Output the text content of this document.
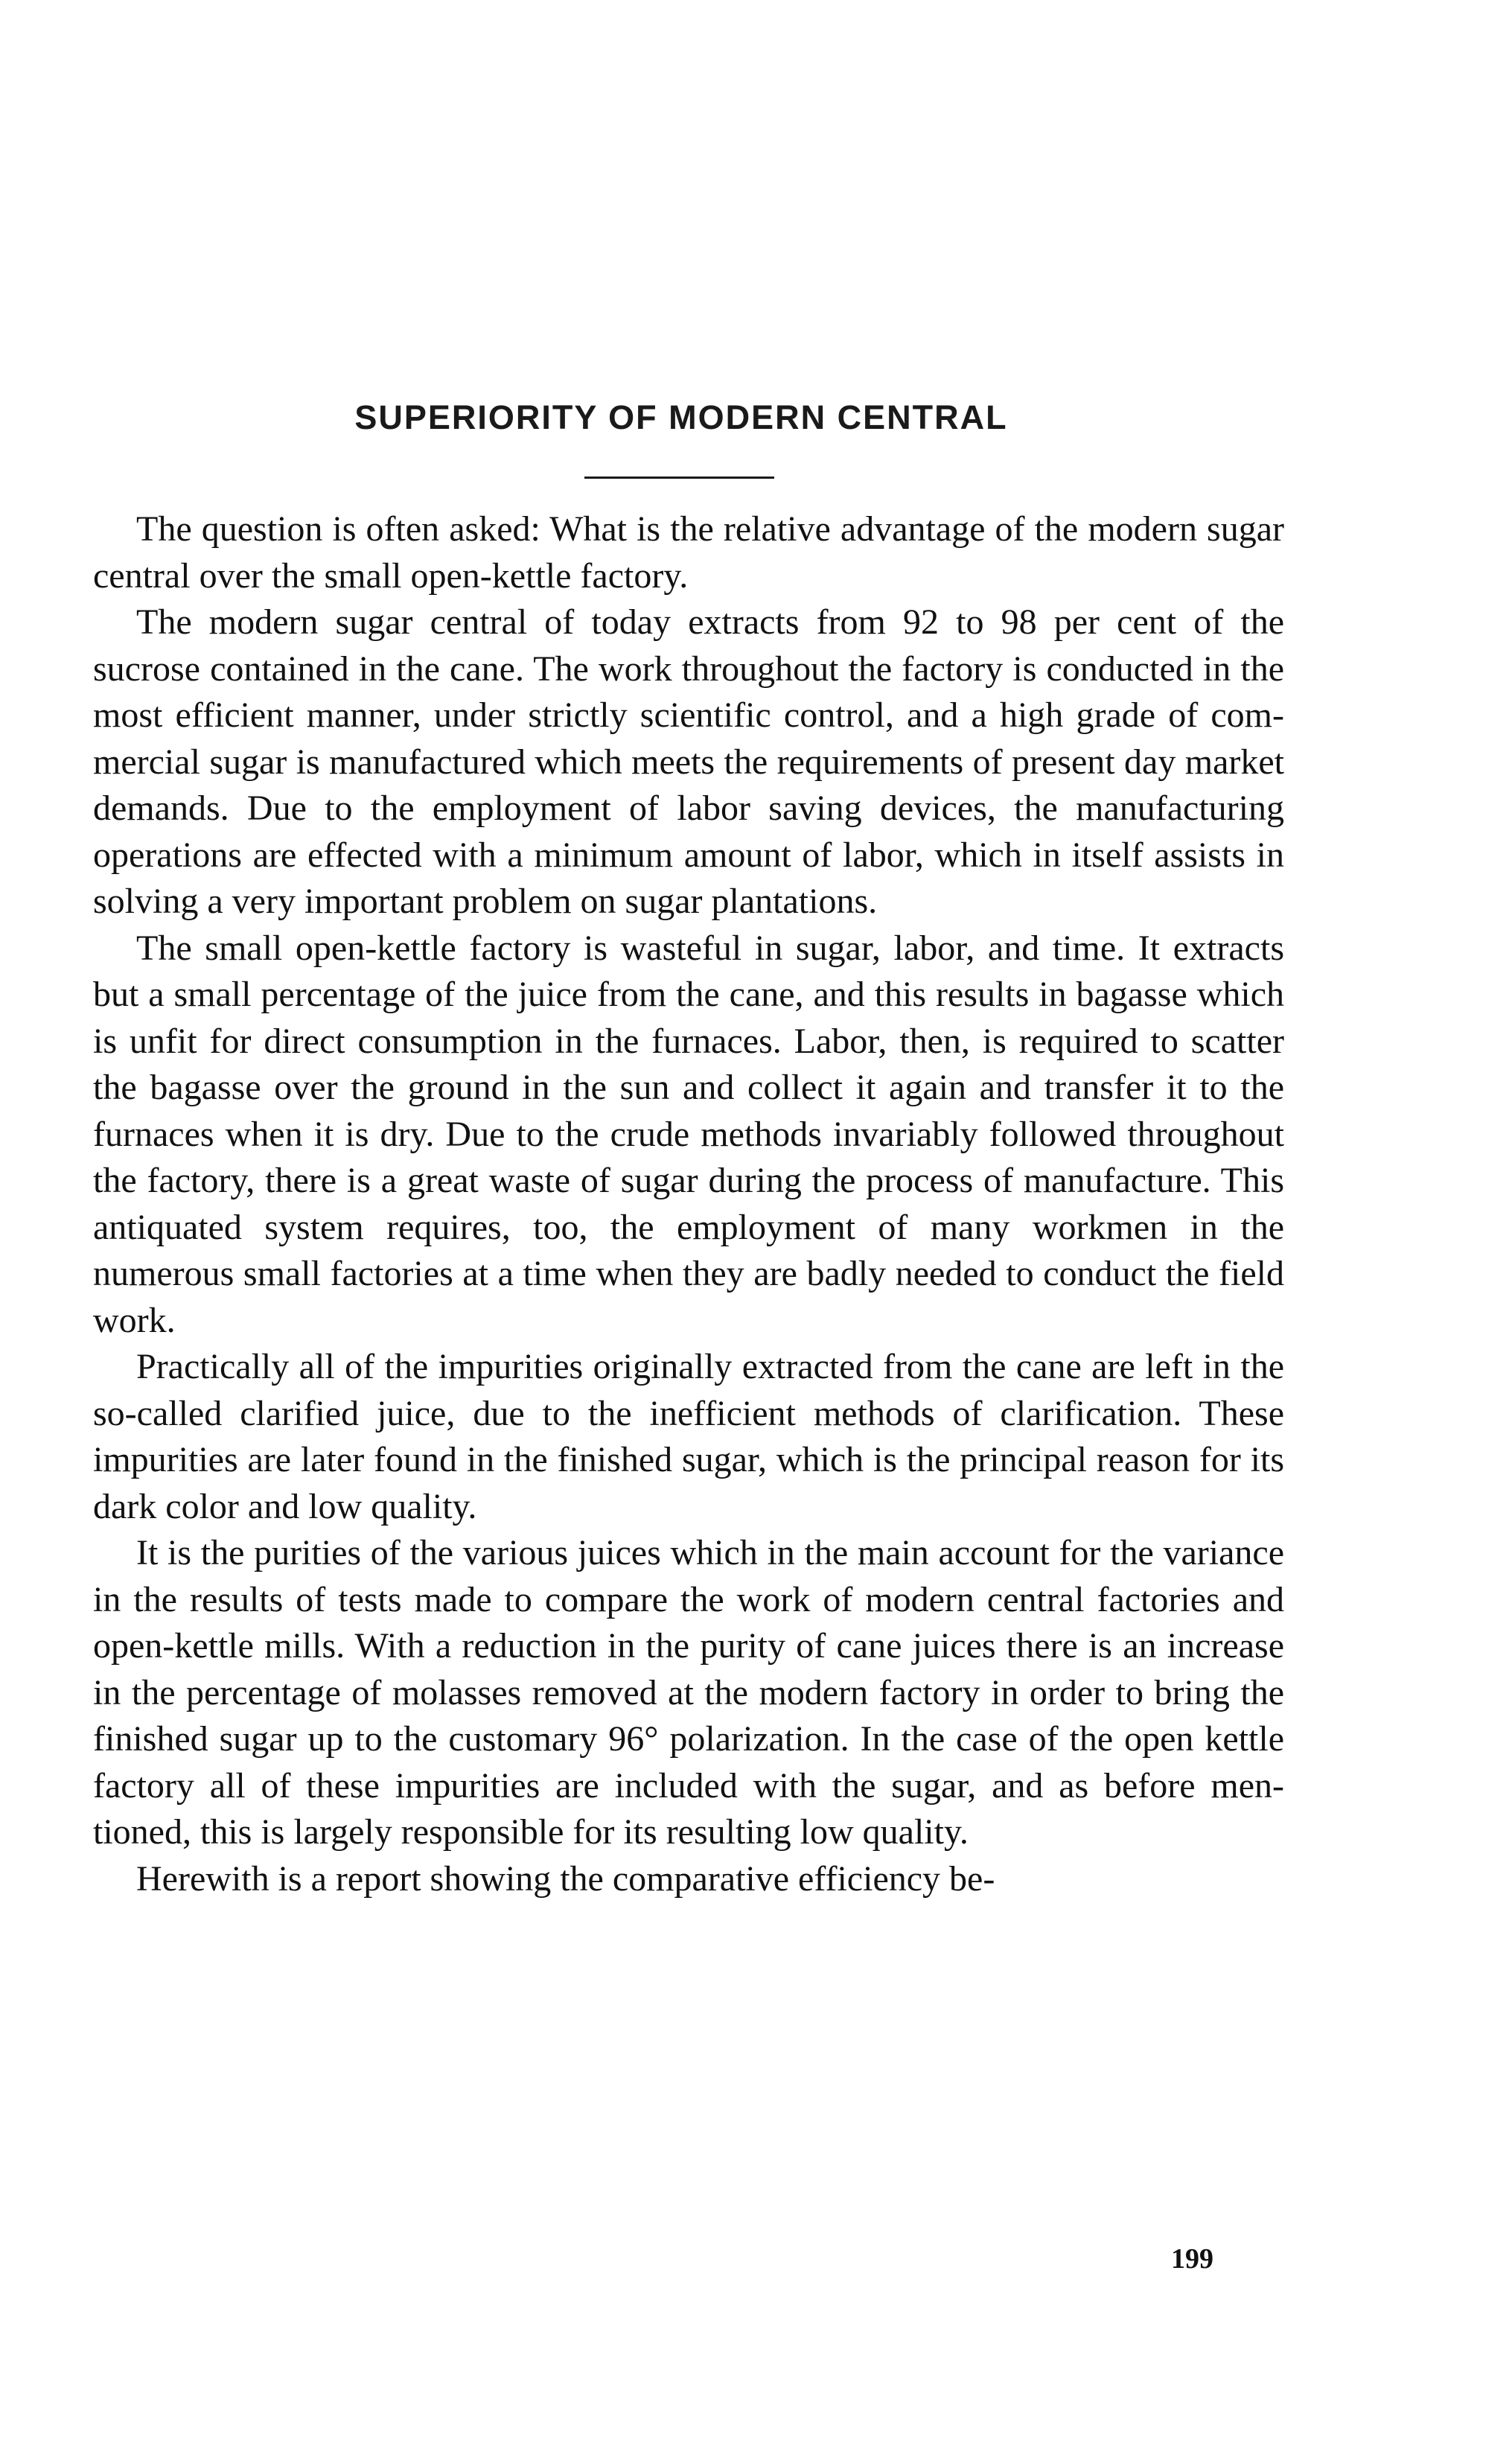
SUPERIORITY OF MODERN CENTRAL

The question is often asked: What is the relative advantage of the modern sugar central over the small open-kettle factory.

The modern sugar central of today extracts from 92 to 98 per cent of the sucrose contained in the cane. The work throughout the factory is conducted in the most efficient manner, under strictly scientific control, and a high grade of commercial sugar is manufactured which meets the requirements of present day market demands. Due to the employment of labor saving devices, the manufacturing operations are effected with a minimum amount of labor, which in itself assists in solving a very important problem on sugar plantations.

The small open-kettle factory is wasteful in sugar, labor, and time. It extracts but a small percentage of the juice from the cane, and this results in bagasse which is unfit for direct consumption in the furnaces. Labor, then, is required to scatter the bagasse over the ground in the sun and collect it again and transfer it to the furnaces when it is dry. Due to the crude methods invariably followed throughout the factory, there is a great waste of sugar during the process of manufacture. This antiquated system requires, too, the employment of many workmen in the numerous small factories at a time when they are badly needed to conduct the field work.

Practically all of the impurities originally extracted from the cane are left in the so-called clarified juice, due to the inefficient methods of clarification. These impurities are later found in the finished sugar, which is the principal reason for its dark color and low quality.

It is the purities of the various juices which in the main account for the variance in the results of tests made to compare the work of modern central factories and open-kettle mills. With a reduction in the purity of cane juices there is an increase in the percentage of molasses removed at the modern factory in order to bring the finished sugar up to the customary 96° polarization. In the case of the open kettle factory all of these impurities are included with the sugar, and as before mentioned, this is largely responsible for its resulting low quality.

Herewith is a report showing the comparative efficiency be-

199
